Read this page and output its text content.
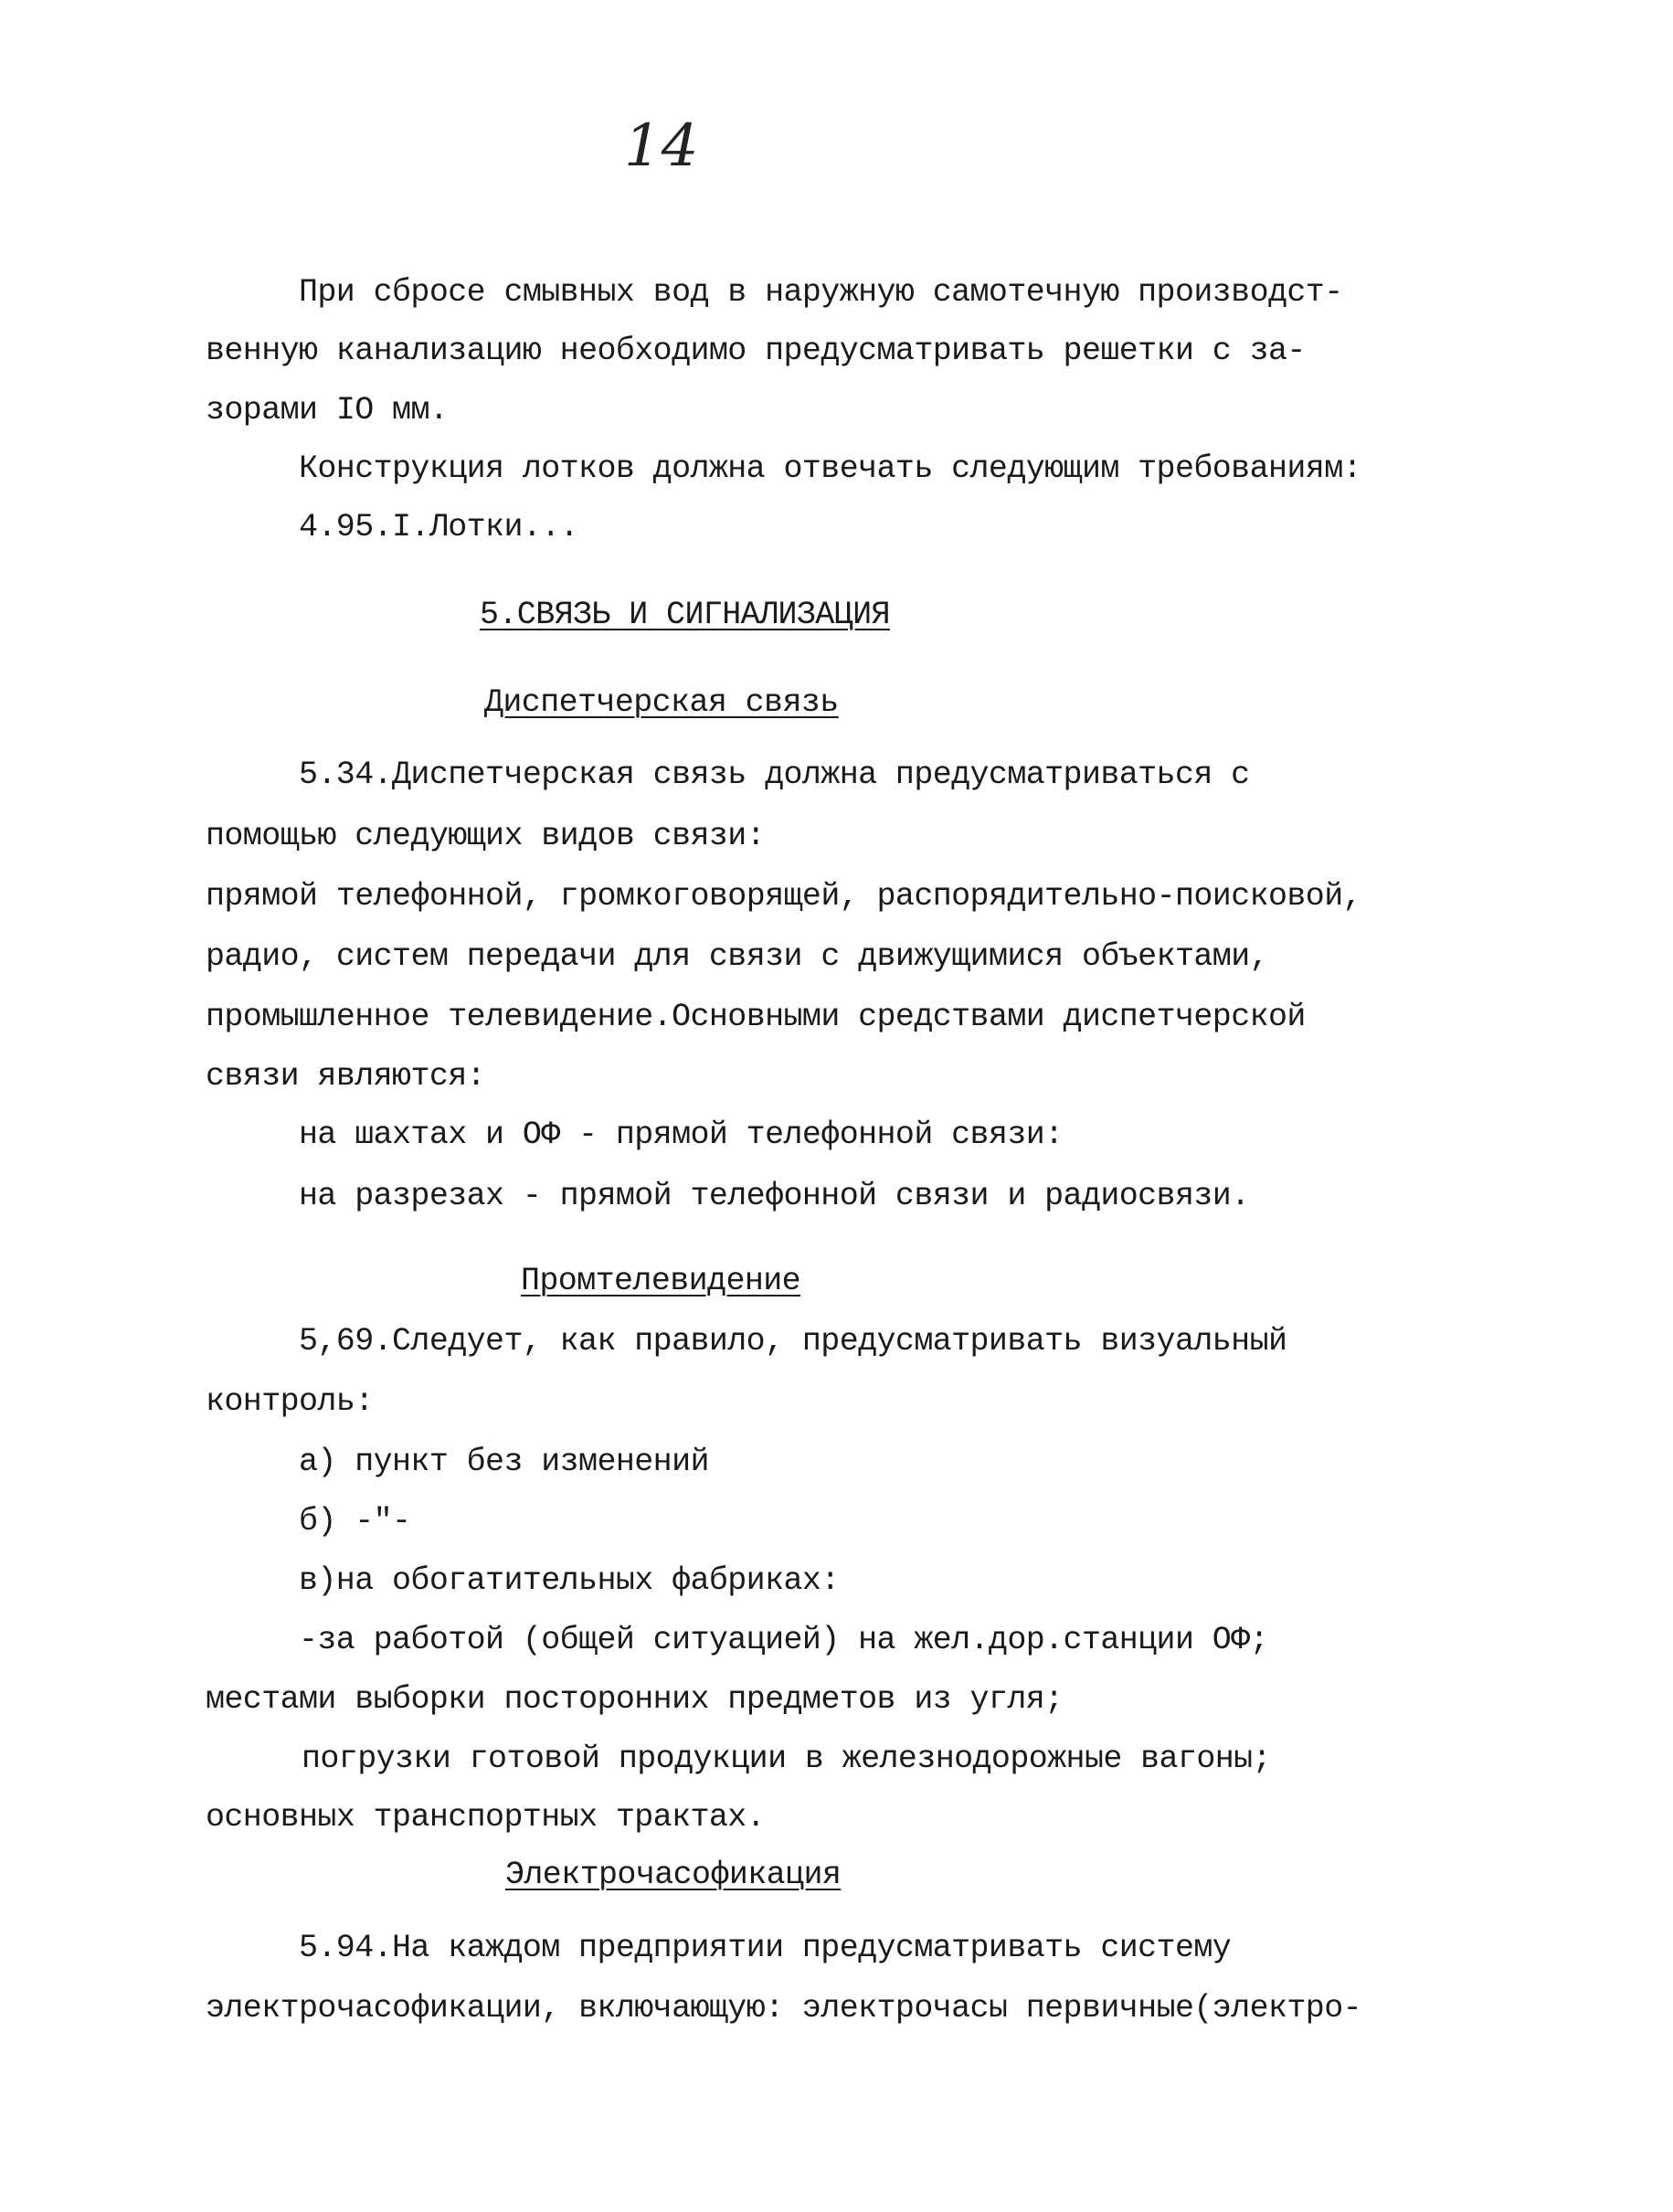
14
При сбросе смывных вод в наружную самотечную производст-
венную канализацию необходимо предусматривать решетки с за-
зорами IO мм.
Конструкция лотков должна отвечать следующим требованиям:
4.95.I.Лотки...
5.СВЯЗЬ И СИГНАЛИЗАЦИЯ
Диспетчерская связь
5.34.Диспетчерская связь должна предусматриваться с
помощью следующих видов связи:
прямой телефонной, громкоговорящей, распорядительно-поисковой,
радио, систем передачи для связи с движущимися объектами,
промышленное телевидение.Основными средствами диспетчерской
связи являются:
на шахтах и ОФ - прямой телефонной связи:
на разрезах - прямой телефонной связи и радиосвязи.
Промтелевидение
5,69.Следует, как правило, предусматривать визуальный
контроль:
а) пункт без изменений
б) -"-
в)на обогатительных фабриках:
-за работой (общей ситуацией) на жел.дор.станции ОФ;
местами выборки посторонних предметов из угля;
погрузки готовой продукции в железнодорожные вагоны;
основных транспортных трактах.
Электрочасофикация
5.94.На каждом предприятии предусматривать систему
электрочасофикации, включающую: электрочасы первичные(электро-
